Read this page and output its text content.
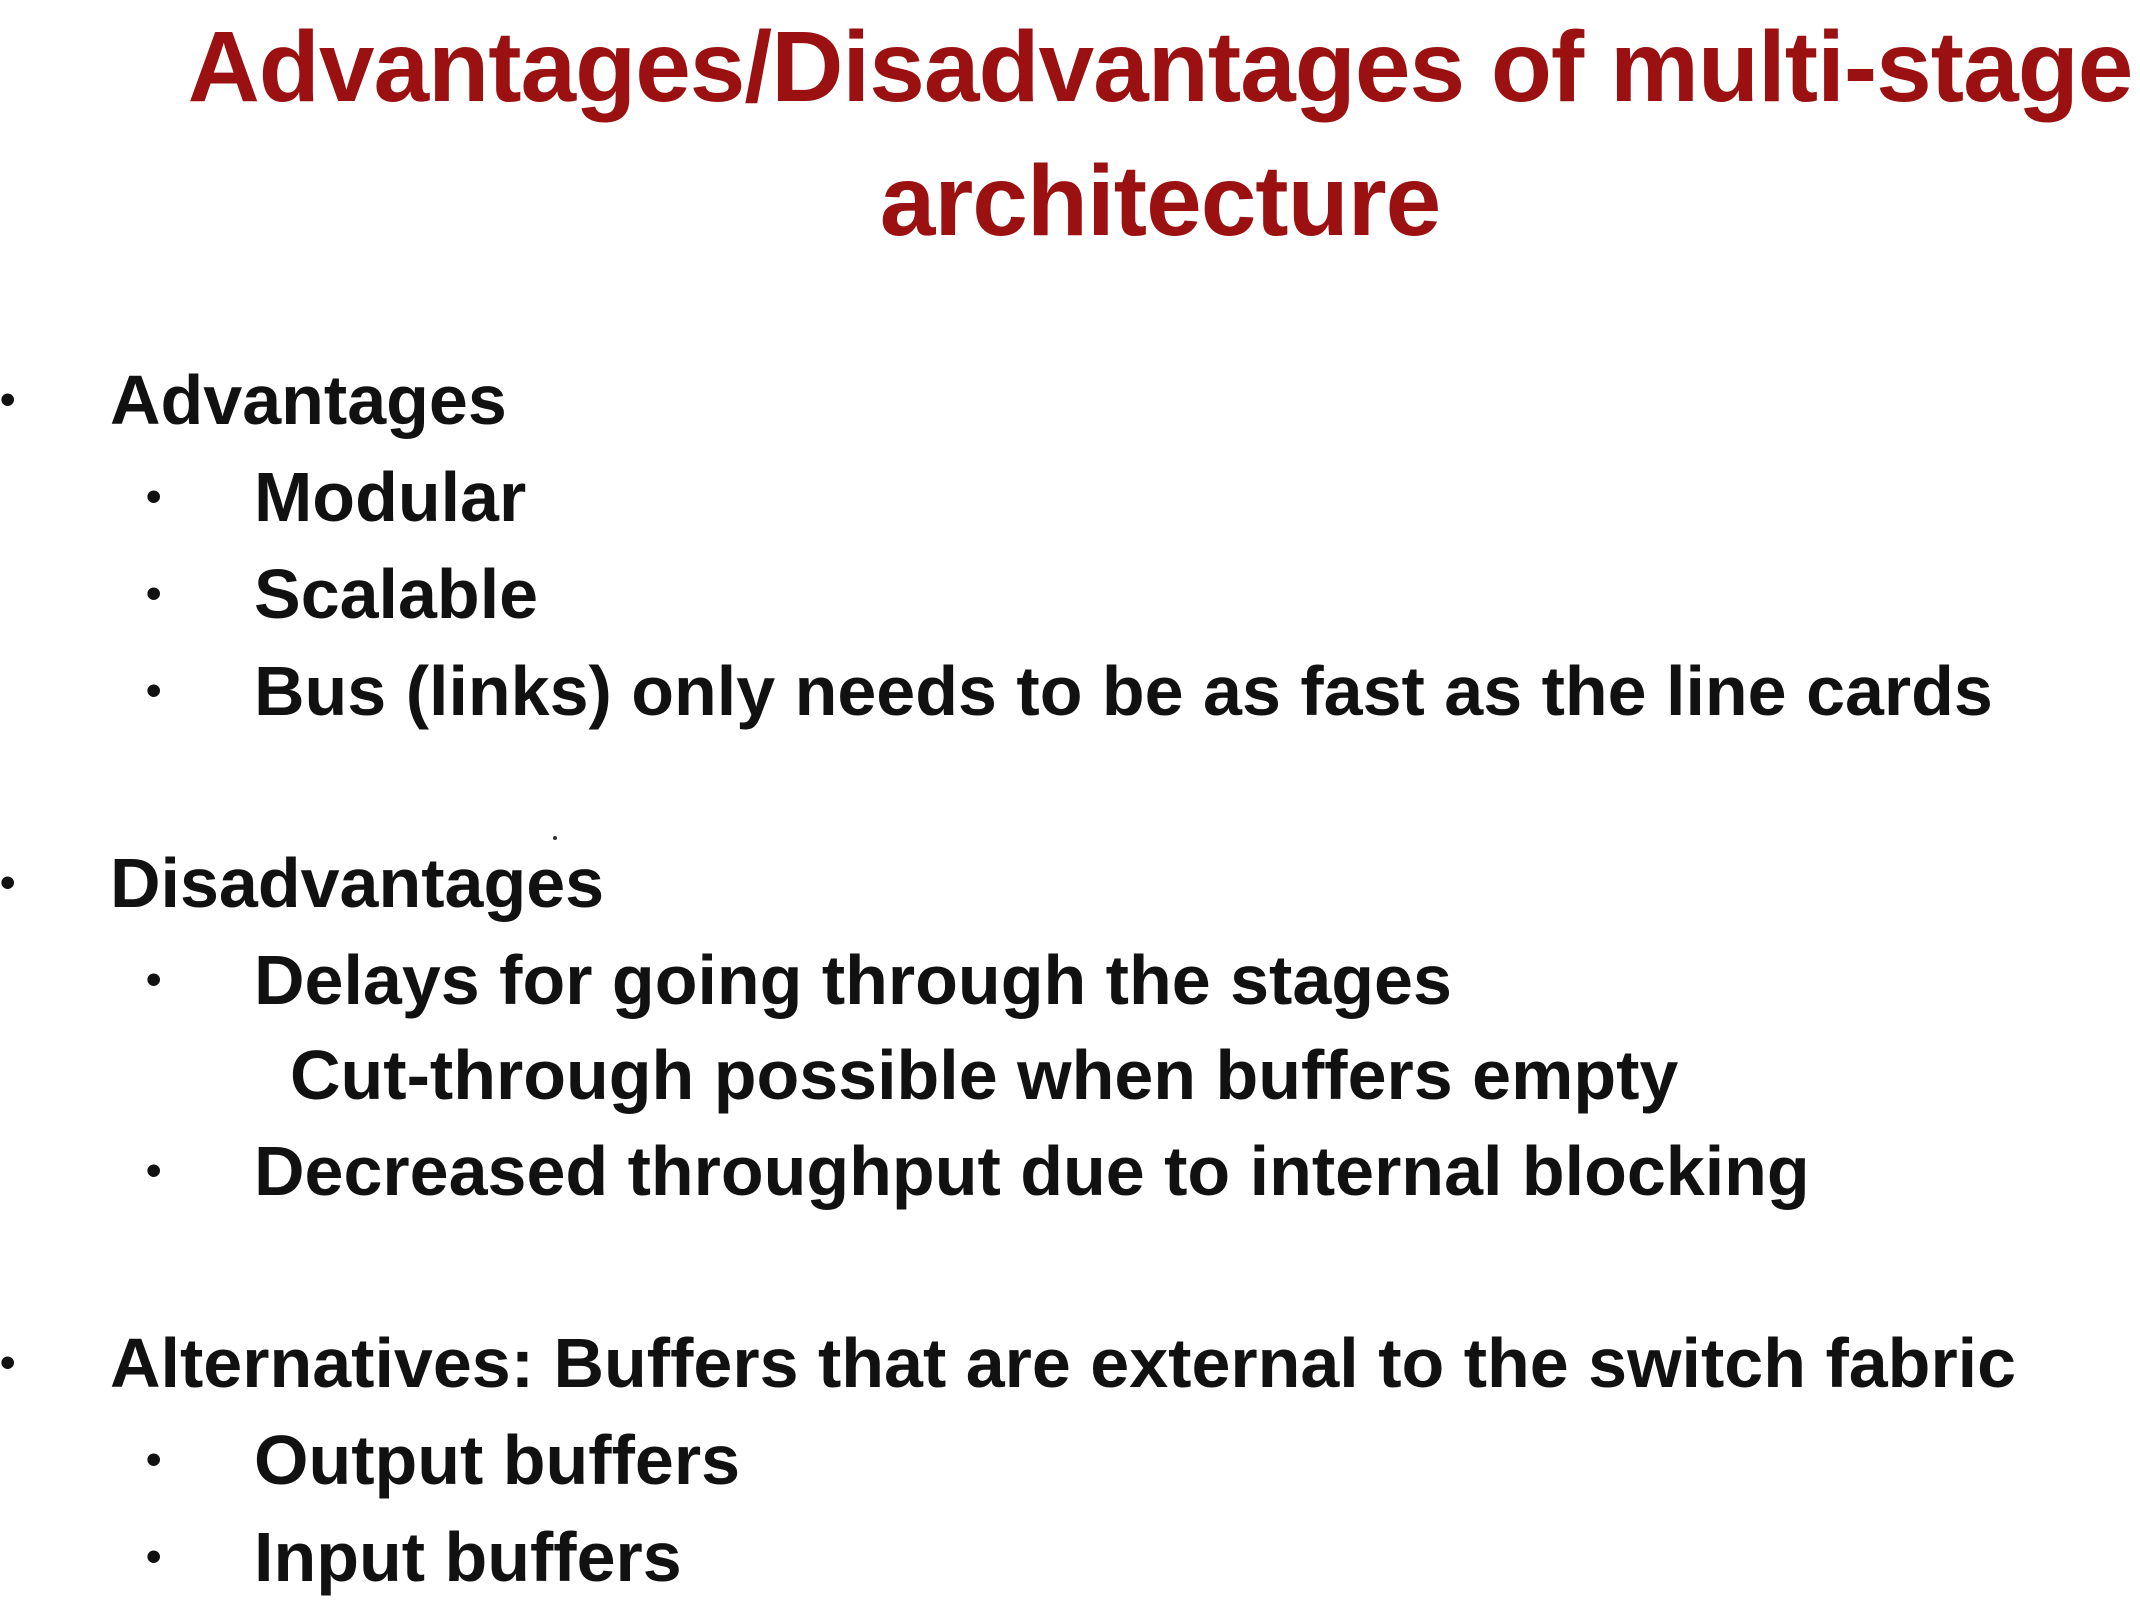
Advantages/Disadvantages of multi-stage
architecture
• Advantages
• Modular
• Scalable
• Bus (links) only needs to be as fast as the line cards
• Disadvantages
• Delays for going through the stages
Cut-through possible when buffers empty
• Decreased throughput due to internal blocking
• Alternatives: Buffers that are external to the switch fabric
• Output buffers
• Input buffers
